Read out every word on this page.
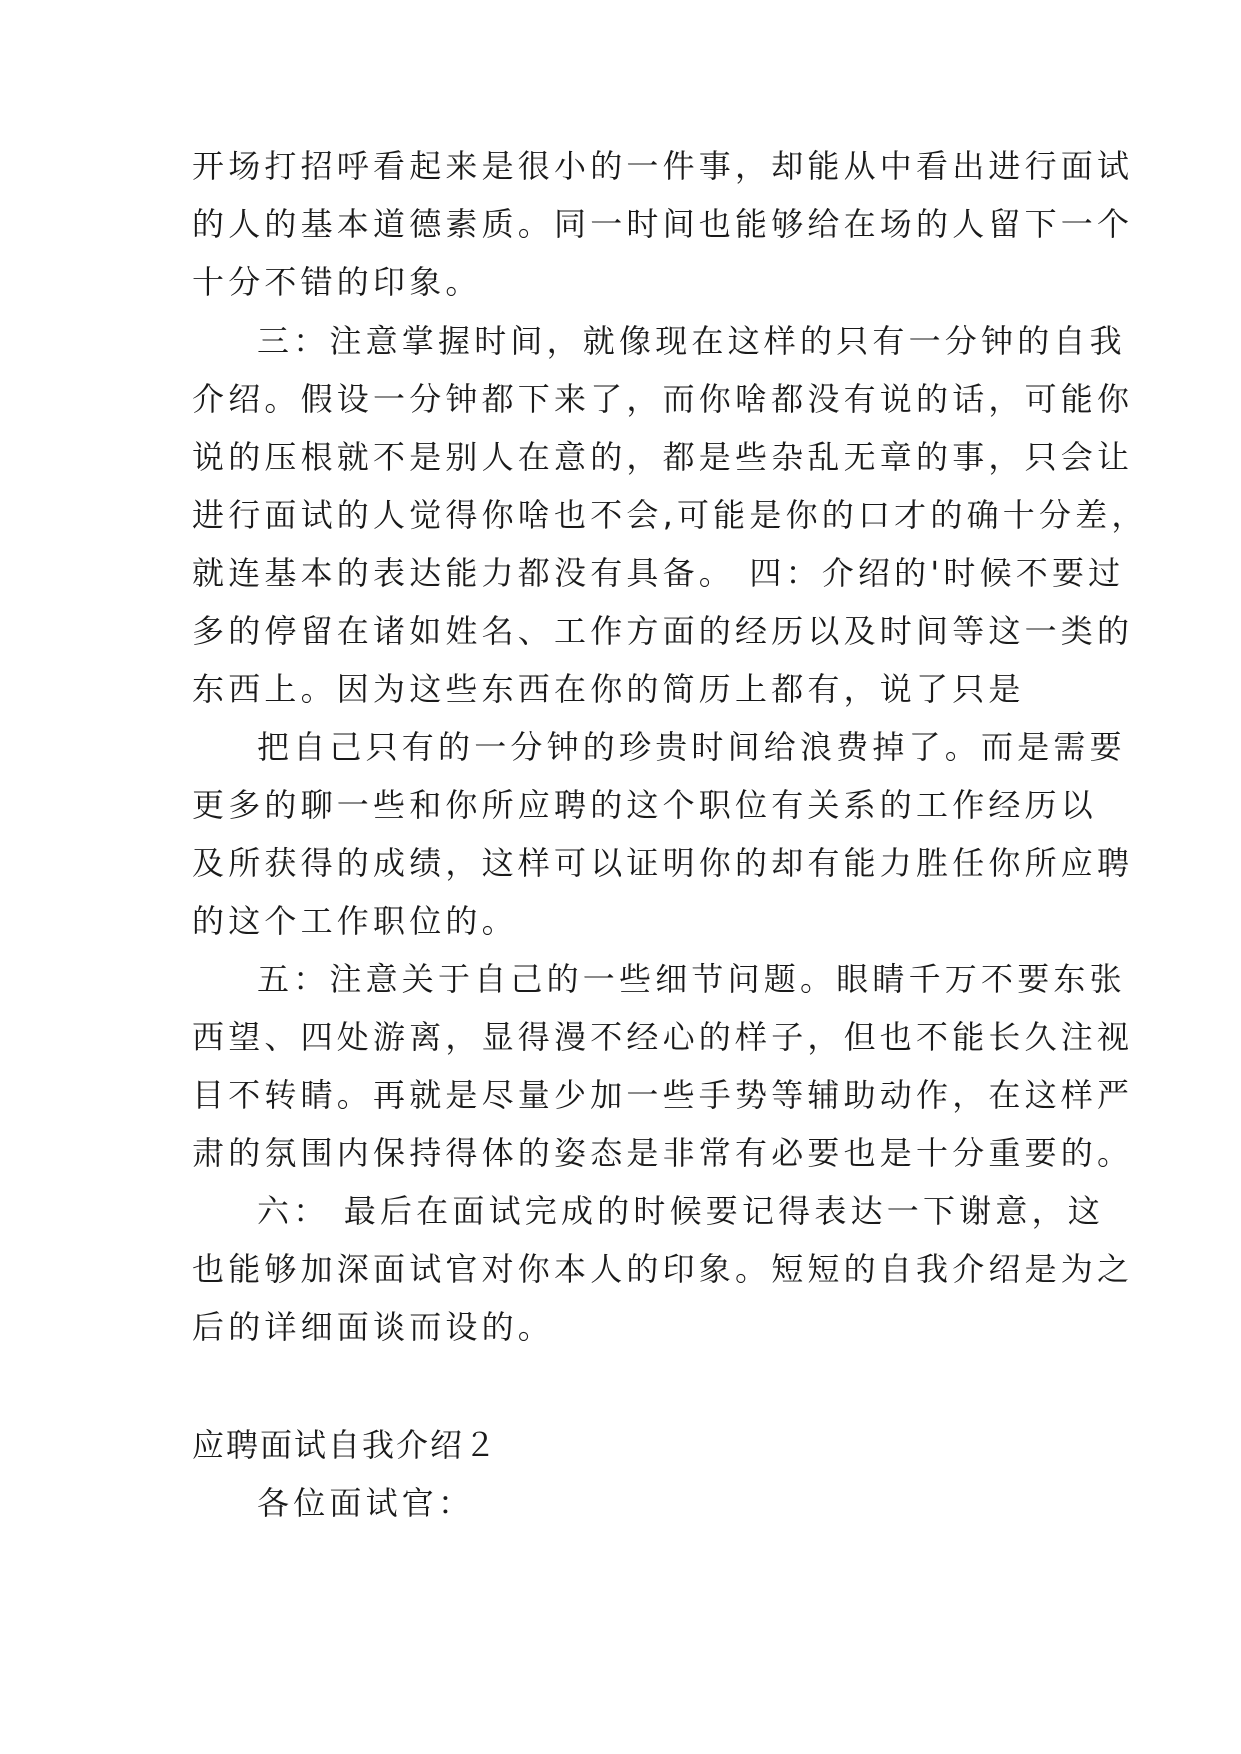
开场打招呼看起来是很小的一件事，却能从中看出进行面试

的人的基本道德素质。同一时间也能够给在场的人留下一个

十分不错的印象。

三：注意掌握时间，就像现在这样的只有一分钟的自我

介绍。假设一分钟都下来了，而你啥都没有说的话，可能你

说的压根就不是别人在意的，都是些杂乱无章的事，只会让

进行面试的人觉得你啥也不会,可能是你的口才的确十分差，

就连基本的表达能力都没有具备。 四：介绍的'时候不要过

多的停留在诸如姓名、工作方面的经历以及时间等这一类的

东西上。因为这些东西在你的简历上都有，说了只是

把自己只有的一分钟的珍贵时间给浪费掉了。而是需要

更多的聊一些和你所应聘的这个职位有关系的工作经历以

及所获得的成绩，这样可以证明你的却有能力胜任你所应聘

的这个工作职位的。

五：注意关于自己的一些细节问题。眼睛千万不要东张

西望、四处游离，显得漫不经心的样子，但也不能长久注视

目不转睛。再就是尽量少加一些手势等辅助动作，在这样严

肃的氛围内保持得体的姿态是非常有必要也是十分重要的。

六： 最后在面试完成的时候要记得表达一下谢意，这

也能够加深面试官对你本人的印象。短短的自我介绍是为之

后的详细面谈而设的。

应聘面试自我介绍２

各位面试官：
